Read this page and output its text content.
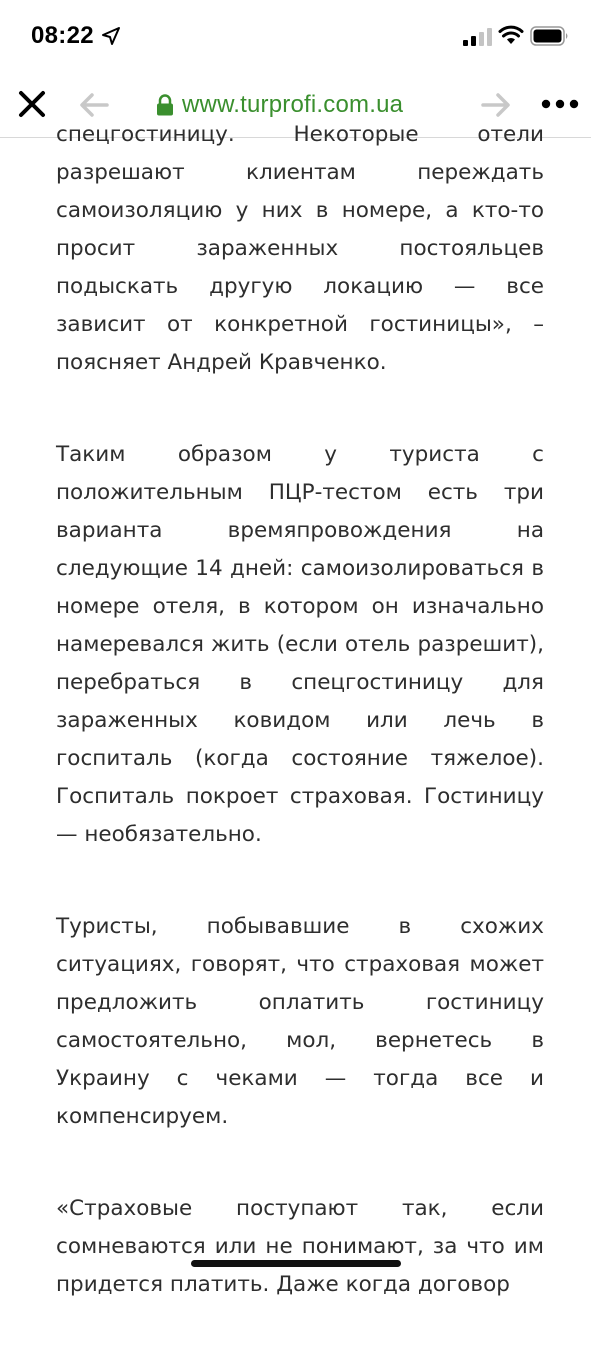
08:22
www.turprofi.com.ua

спецгостиницу. Некоторые отели разрешают клиентам переждать самоизоляцию у них в номере, а кто-то просит зараженных постояльцев подыскать другую локацию — все зависит от конкретной гостиницы», – поясняет Андрей Кравченко.

Таким образом у туриста с положительным ПЦР-тестом есть три варианта времяпровождения на следующие 14 дней: самоизолироваться в номере отеля, в котором он изначально намеревался жить (если отель разрешит), перебраться в спецгостиницу для зараженных ковидом или лечь в госпиталь (когда состояние тяжелое). Госпиталь покроет страховая. Гостиницу — необязательно.

Туристы, побывавшие в схожих ситуациях, говорят, что страховая может предложить оплатить гостиницу самостоятельно, мол, вернетесь в Украину с чеками — тогда все и компенсируем.

«Страховые поступают так, если сомневаются или не понимают, за что им придется платить. Даже когда договор
